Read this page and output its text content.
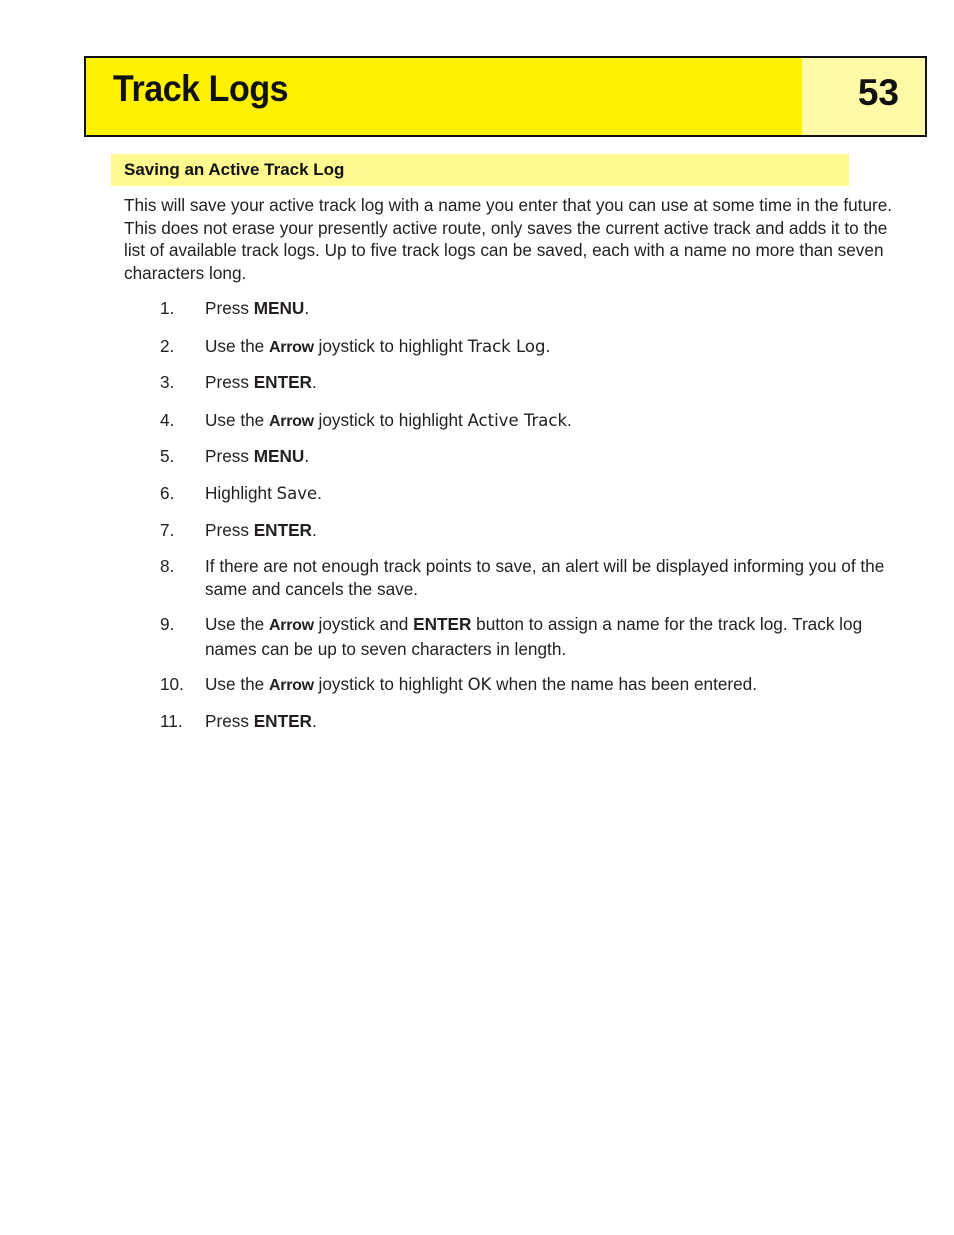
Track Logs	53
Saving an Active Track Log

This will save your active track log with a name you enter that you can use at some time in the future. This does not erase your presently active route, only saves the current active track and adds it to the list of available track logs. Up to five track logs can be saved, each with a name no more than seven characters long.

1. Press MENU.
2. Use the Arrow joystick to highlight Track Log.
3. Press ENTER.
4. Use the Arrow joystick to highlight Active Track.
5. Press MENU.
6. Highlight Save.
7. Press ENTER.
8. If there are not enough track points to save, an alert will be displayed informing you of the same and cancels the save.
9. Use the Arrow joystick and ENTER button to assign a name for the track log. Track log names can be up to seven characters in length.
10. Use the Arrow joystick to highlight OK when the name has been entered.
11. Press ENTER.
